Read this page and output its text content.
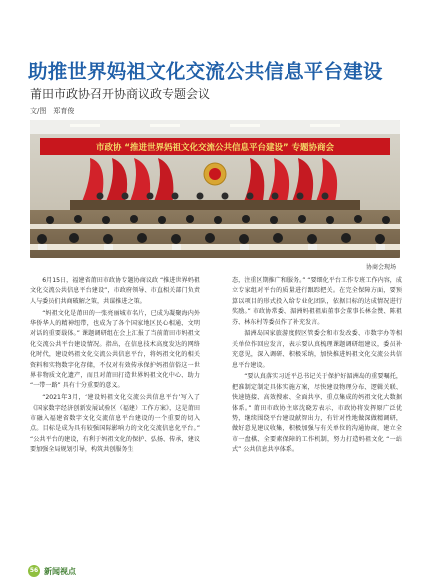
助推世界妈祖文化交流公共信息平台建设
莆田市政协召开协商议政专题会议
文/图　郑育俊
市政协 “推进世界妈祖文化交流公共信息平台建设” 专题协商会
协商会现场

6月15日，福建省莆田市政协专题协商议政 “推进世界妈祖文化交流公共信息平台建设”，市政府领导、市直相关部门负责人与委员们共商破解之策，共谋推进之策。

“妈祖文化是莆田的一张亮丽城市名片，已成为凝聚海内外华侨华人的精神纽带，也成为了各个国家地区民心相通、文明对话的重要载体。” 课题调研组在会上汇报了当前莆田市妈祖文化交流公共平台建设情况。指出，在信息技术高度发达的网络化时代，建设妈祖文化交流公共信息平台，将妈祖文化的相关资料和实物数字化存储，不仅对有效传承保护妈祖信俗这一世界非物质文化遗产，而且对莆田打造世界妈祖文化中心、助力 “一带一路” 具有十分重要的意义。

“2021年3月，‘建设妈祖文化交流公共信息平台’写入了《国家数字经济创新发展试验区（福建）工作方案》，这是莆田市融入福建省数字文化交流信息平台建设的一个重要的切入点。目标是成为具有较强国际影响力的文化交流信息化平台。” “公共平台的建设，有利于妈祖文化的保护、弘扬、传承，建议要加强全局规划引导，构筑共创服务生

态，注重区期推广和服务。” “要细化平台工作专班工作内容，成立专家组对平台的质量进行跟踪把关。在完全保障方面，要预算以项目的形式投入给专业化团队，依据目标的达成情况进行奖励。” 市政协常委、湄洲妈祖祖庙董事会董事长林金赞、陈祖芬、林东村等委员作了补充发言。

湄洲岛国家旅游度假区管委会和市发改委、市数字办等相关单位作回应发言，表示要认真梳理课题调研组建议，委员补充意见，深入调研、积极采纳，加快推进妈祖文化交流公共信息平台建设。

“要认真落实习近平总书记关于保护好湄洲岛的重要嘱托，把准制定制定具体实施方案，尽快建设物理分布、逻辑关联、快速链接、高效搜索、全面共享、重点集成的妈祖文化大数据体系。” 莆田市政协主席沈晓芳表示，市政协将发挥原广泛优势，继续围绕平台建设献智出力，有针对性地做深做精调研，做好意见建议收集，积极加强与有关单位的沟通协商，建立全市一盘棋、全要素保障的工作机制，努力打造妈祖文化 “一站式” 公共信息共享体系。

56 新闻视点
